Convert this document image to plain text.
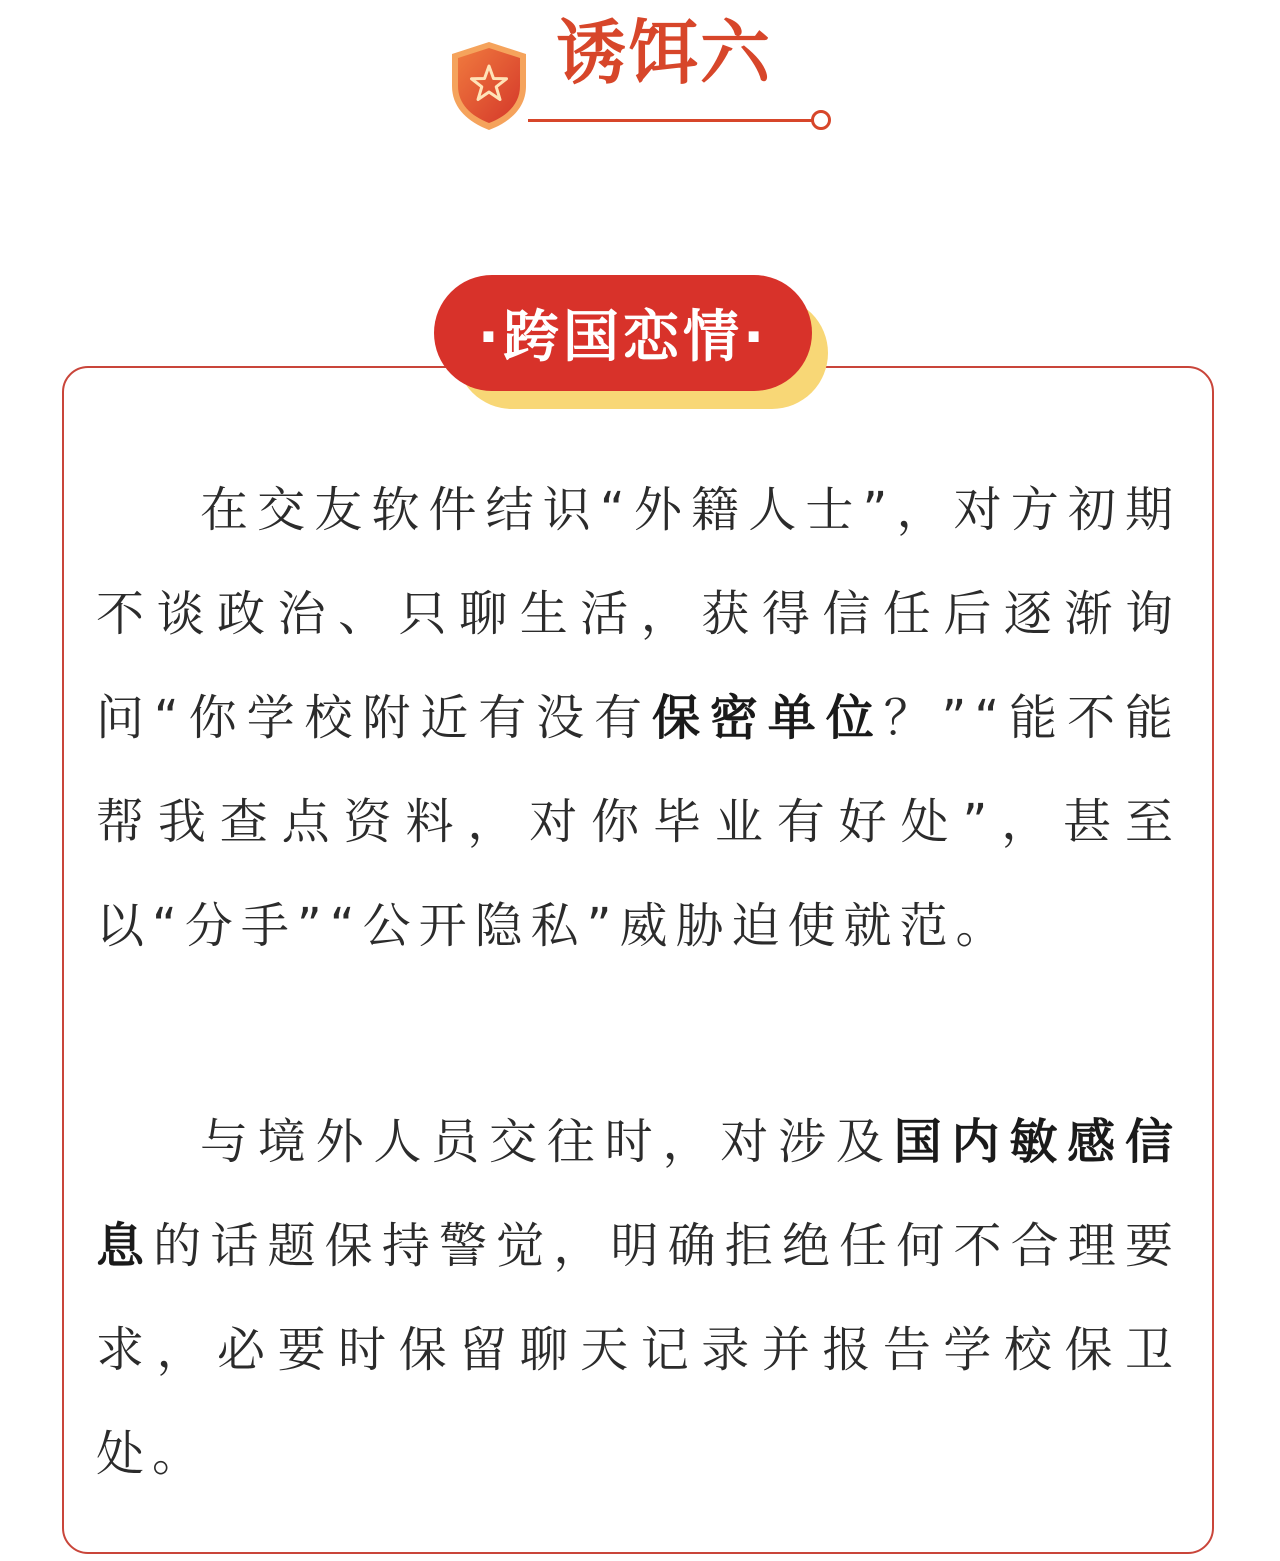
诱饵六
·跨国恋情·

在交友软件结识“外籍人士”，对方初期不谈政治、只聊生活，获得信任后逐渐询问“你学校附近有没有保密单位？”“能不能帮我查点资料，对你毕业有好处”，甚至以“分手”“公开隐私”威胁迫使就范。

与境外人员交往时，对涉及国内敏感信息的话题保持警觉，明确拒绝任何不合理要求，必要时保留聊天记录并报告学校保卫处。
